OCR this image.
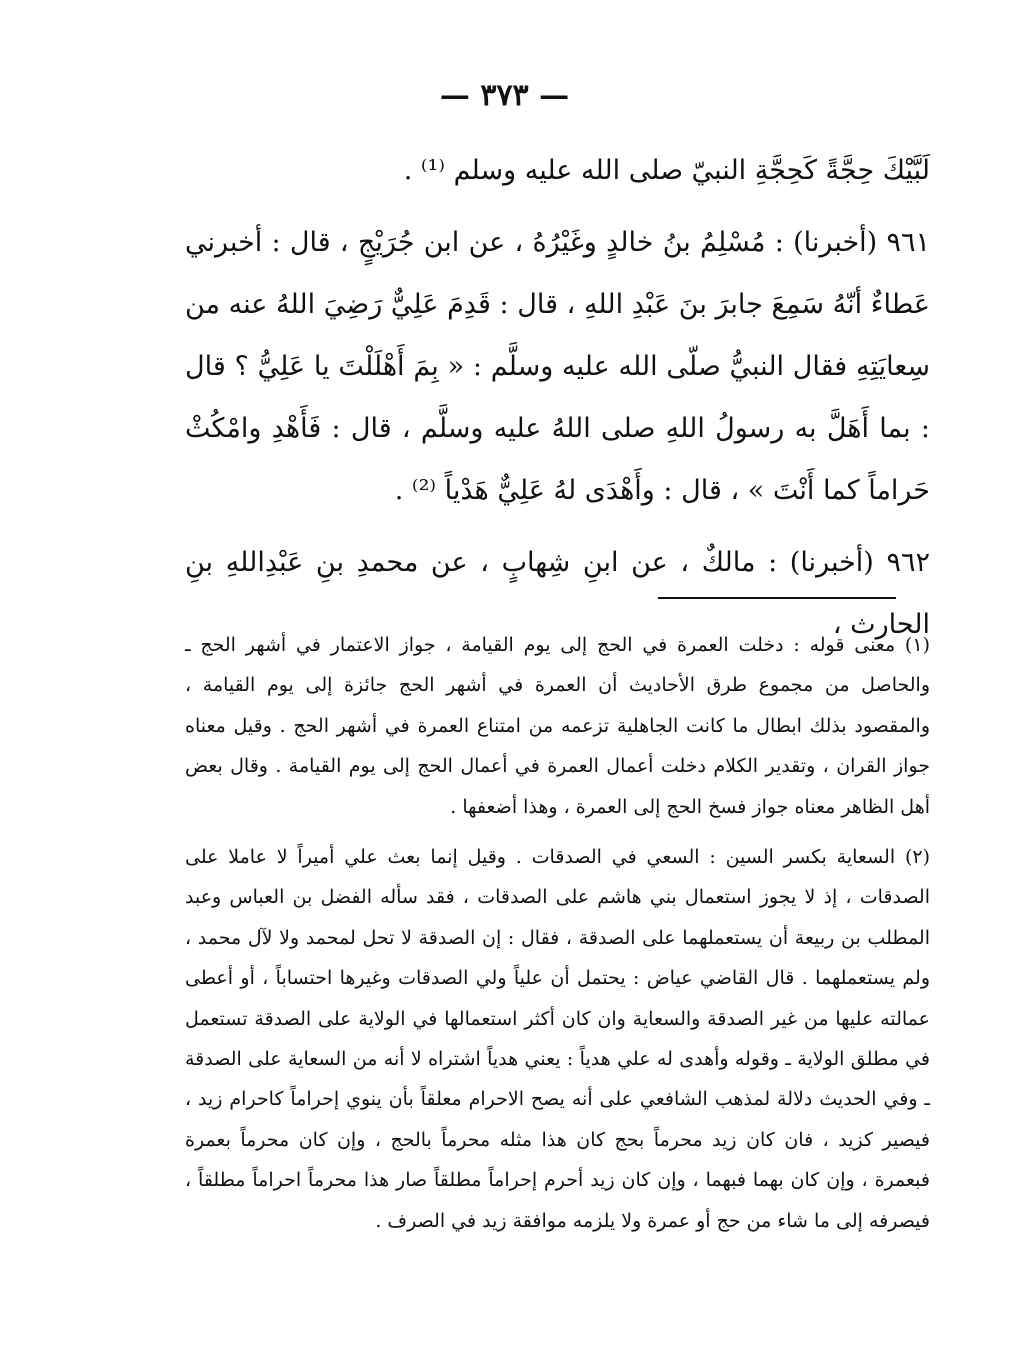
— ٣٧٣ —

لَبَّيْكَ حِجَّةً كَحِجَّةِ النبيّ صلى الله عليه وسلم ⁽¹⁾ .

٩٦١ (أخبرنا) : مُسْلِمُ بنُ خالدٍ وغَيْرُهُ ، عن ابن جُرَيْجٍ ، قال : أخبرني عَطاءٌ أنّهُ سَمِعَ جابرَ بنَ عَبْدِ اللهِ ، قال : قَدِمَ عَلِيٌّ رَضِيَ اللهُ عنه من سِعايَتِهِ فقال النبيُّ صلّى الله عليه وسلَّم : « بِمَ أَهْلَلْتَ يا عَلِيُّ ؟ قال : بما أَهَلَّ به رسولُ اللهِ صلى اللهُ عليه وسلَّم ، قال : فَأَهْدِ وامْكُثْ حَراماً كما أَنْتَ » ، قال : وأَهْدَى لهُ عَلِيٌّ هَدْياً ⁽²⁾ .

٩٦٢ (أخبرنا) : مالكٌ ، عن ابنِ شِهابٍ ، عن محمدِ بنِ عَبْدِاللهِ بنِ الحارث ،

(١) معنى قوله : دخلت العمرة في الحج إلى يوم القيامة ، جواز الاعتمار في أشهر الحج ـ والحاصل من مجموع طرق الأحاديث أن العمرة في أشهر الحج جائزة إلى يوم القيامة ، والمقصود بذلك ابطال ما كانت الجاهلية تزعمه من امتناع العمرة في أشهر الحج . وقيل معناه جواز القران ، وتقدير الكلام دخلت أعمال العمرة في أعمال الحج إلى يوم القيامة . وقال بعض أهل الظاهر معناه جواز فسخ الحج إلى العمرة ، وهذا أضعفها .

(٢) السعاية بكسر السين : السعي في الصدقات . وقيل إنما بعث علي أميراً لا عاملا على الصدقات ، إذ لا يجوز استعمال بني هاشم على الصدقات ، فقد سأله الفضل بن العباس وعبد المطلب بن ربيعة أن يستعملهما على الصدقة ، فقال : إن الصدقة لا تحل لمحمد ولا لآل محمد ، ولم يستعملهما . قال القاضي عياض : يحتمل أن علياً ولي الصدقات وغيرها احتساباً ، أو أعطى عمالته عليها من غير الصدقة والسعاية وان كان أكثر استعمالها في الولاية على الصدقة تستعمل في مطلق الولاية ـ وقوله وأهدى له علي هدياً : يعني هدياً اشتراه لا أنه من السعاية على الصدقة ـ وفي الحديث دلالة لمذهب الشافعي على أنه يصح الاحرام معلقاً بأن ينوي إحراماً كاحرام زيد ، فيصير كزيد ، فان كان زيد محرماً بحج كان هذا مثله محرماً بالحج ، وإن كان محرماً بعمرة فبعمرة ، وإن كان بهما فبهما ، وإن كان زيد أحرم إحراماً مطلقاً صار هذا محرماً احراماً مطلقاً ، فيصرفه إلى ما شاء من حج أو عمرة ولا يلزمه موافقة زيد في الصرف .
